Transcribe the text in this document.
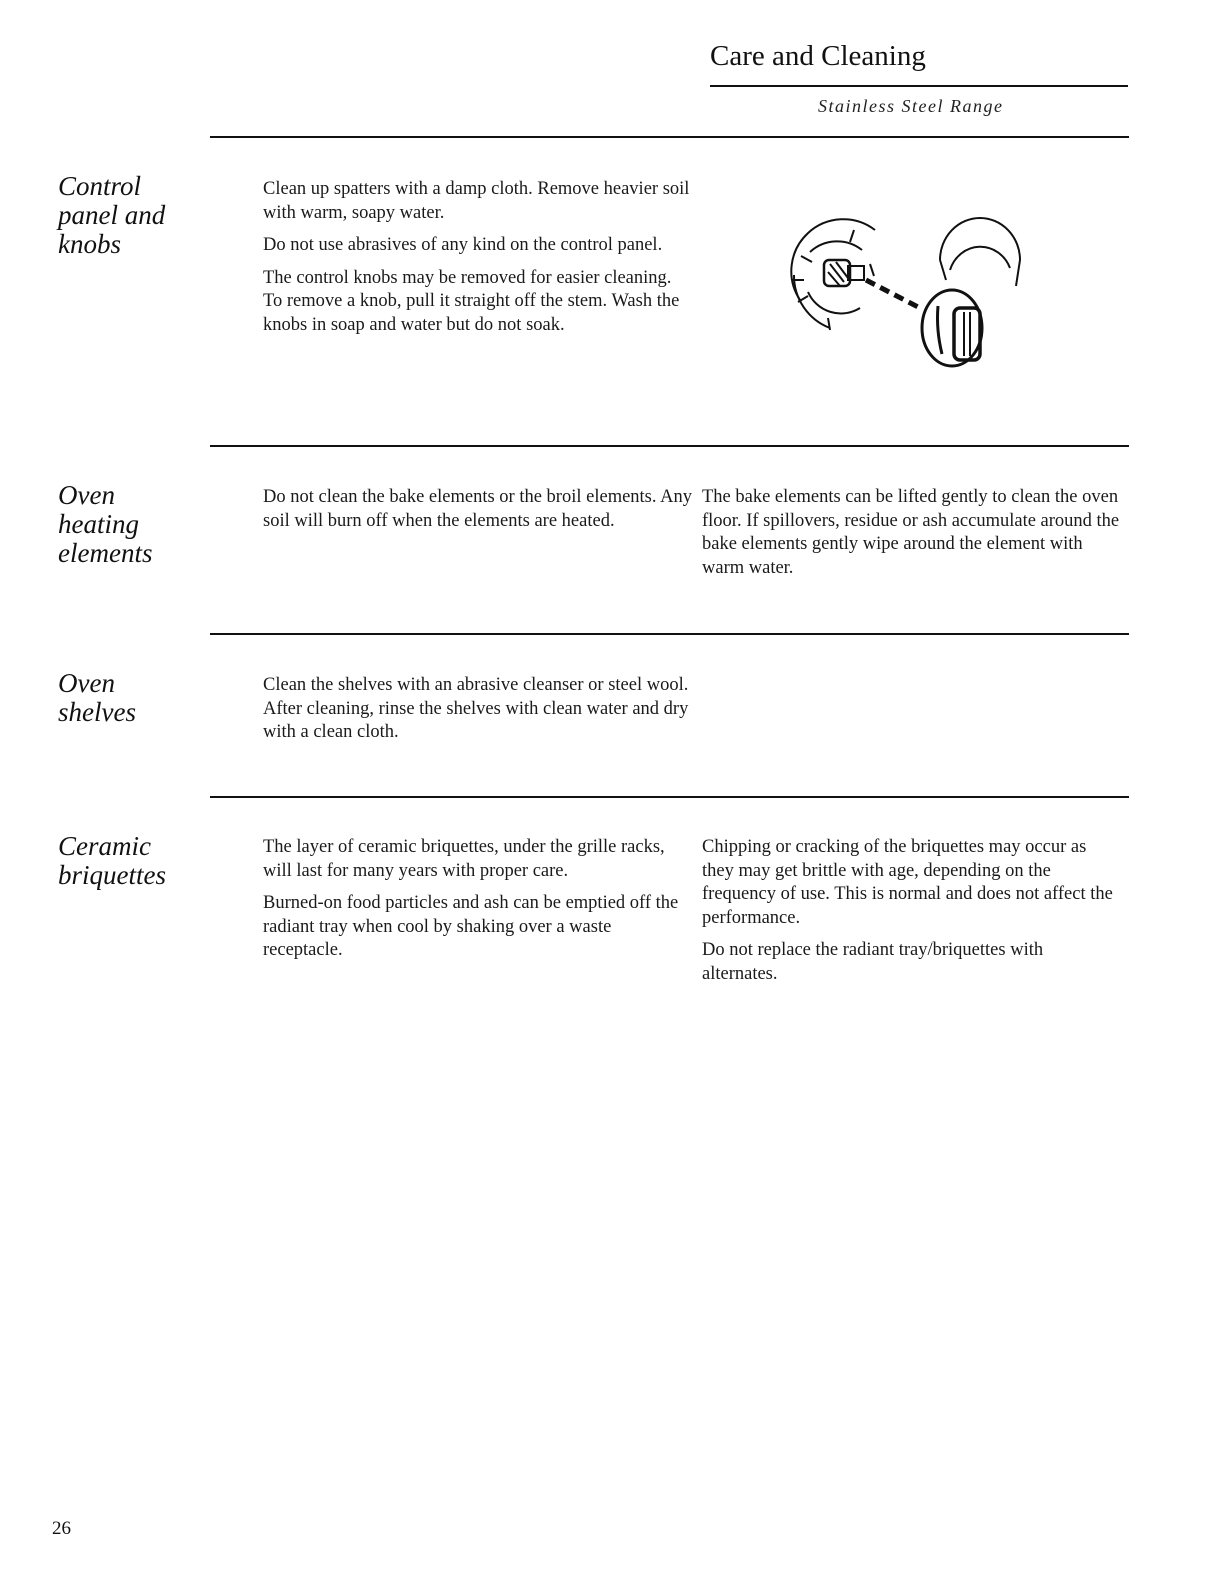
Care and Cleaning
Stainless Steel Range
Control panel and knobs

Clean up spatters with a damp cloth. Remove heavier soil with warm, soapy water.

Do not use abrasives of any kind on the control panel.

The control knobs may be removed for easier cleaning. To remove a knob, pull it straight off the stem. Wash the knobs in soap and water but do not soak.

Oven heating elements

Do not clean the bake elements or the broil elements. Any soil will burn off when the elements are heated.

The bake elements can be lifted gently to clean the oven floor. If spillovers, residue or ash accumulate around the bake elements gently wipe around the element with warm water.

Oven shelves

Clean the shelves with an abrasive cleanser or steel wool. After cleaning, rinse the shelves with clean water and dry with a clean cloth.

Ceramic briquettes

The layer of ceramic briquettes, under the grille racks, will last for many years with proper care.

Burned-on food particles and ash can be emptied off the radiant tray when cool by shaking over a waste receptacle.

Chipping or cracking of the briquettes may occur as they may get brittle with age, depending on the frequency of use. This is normal and does not affect the performance.

Do not replace the radiant tray/briquettes with alternates.

26
